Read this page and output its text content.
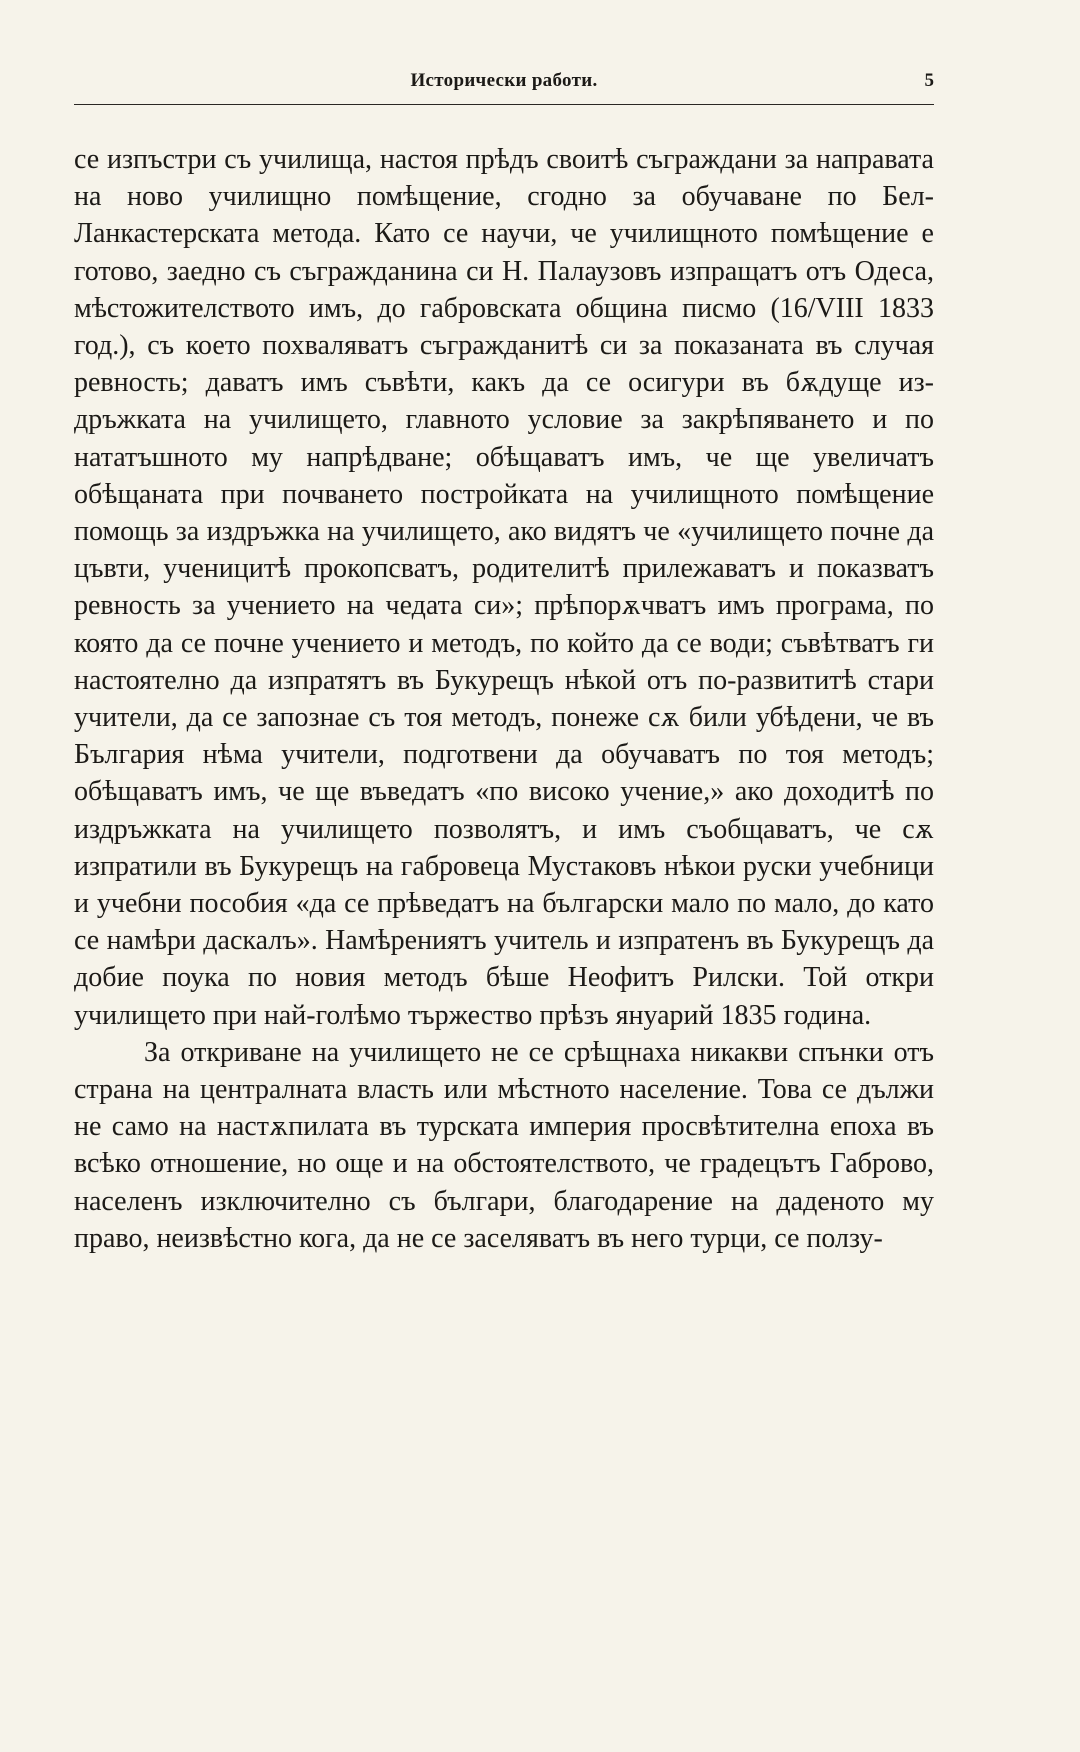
Исторически работи.	5

се изпъстри съ училища, настоя прѣдъ своитѣ съграждани за направата на ново училищно помѣщение, сгодно за обучаване по Бел-Ланкастерската метода. Като се научи, че училищното помѣщение е готово, заедно съ съгражданина си Н. Палаузовъ изпращатъ отъ Одеса, мѣстожителството имъ, до габровската община писмо (16/VIII 1833 год.), съ което похваляватъ съгражданитѣ си за показаната въ случая ревность; даватъ имъ съвѣти, какъ да се осигури въ бѫдуще издръжката на училището, главното условие за закрѣпяването и по нататъшното му напрѣдване; обѣщаватъ имъ, че ще увеличатъ обѣщаната при почването постройката на училищното помѣщение помощь за издръжка на училището, ако видятъ че «училището почне да цъвти, ученицитѣ прокопсватъ, родителитѣ прилежаватъ и показватъ ревность за учението на чедата си»; прѣпорѫчватъ имъ програма, по която да се почне учението и методъ, по който да се води; съвѣтватъ ги настоятелно да изпратятъ въ Букурещъ нѣкой отъ по-развититѣ стари учители, да се запознае съ тоя методъ, понеже сѫ били убѣдени, че въ България нѣма учители, подготвени да обучаватъ по тоя методъ; обѣщаватъ имъ, че ще въведатъ «по високо учение,» ако доходитѣ по издръжката на училището позволятъ, и имъ съобщаватъ, че сѫ изпратили въ Букурещъ на габровеца Мустаковъ нѣкои руски учебници и учебни пособия «да се прѣведатъ на български мало по мало, до като се намѣри даскалъ». Намѣрениятъ учитель и изпратенъ въ Букурещъ да добие поука по новия методъ бѣше Неофитъ Рилски. Той откри училището при най-голѣмо тържество прѣзъ януарий 1835 година.

За откриване на училището не се срѣщнаха никакви спънки отъ страна на централната власть или мѣстното население. Това се дължи не само на настѫпилата въ турската империя просвѣтителна епоха въ всѣко отношение, но още и на обстоятелството, че градецътъ Габрово, населенъ изключително съ българи, благодарение на даденото му право, неизвѣстно кога, да не се заселяватъ въ него турци, се ползу-
